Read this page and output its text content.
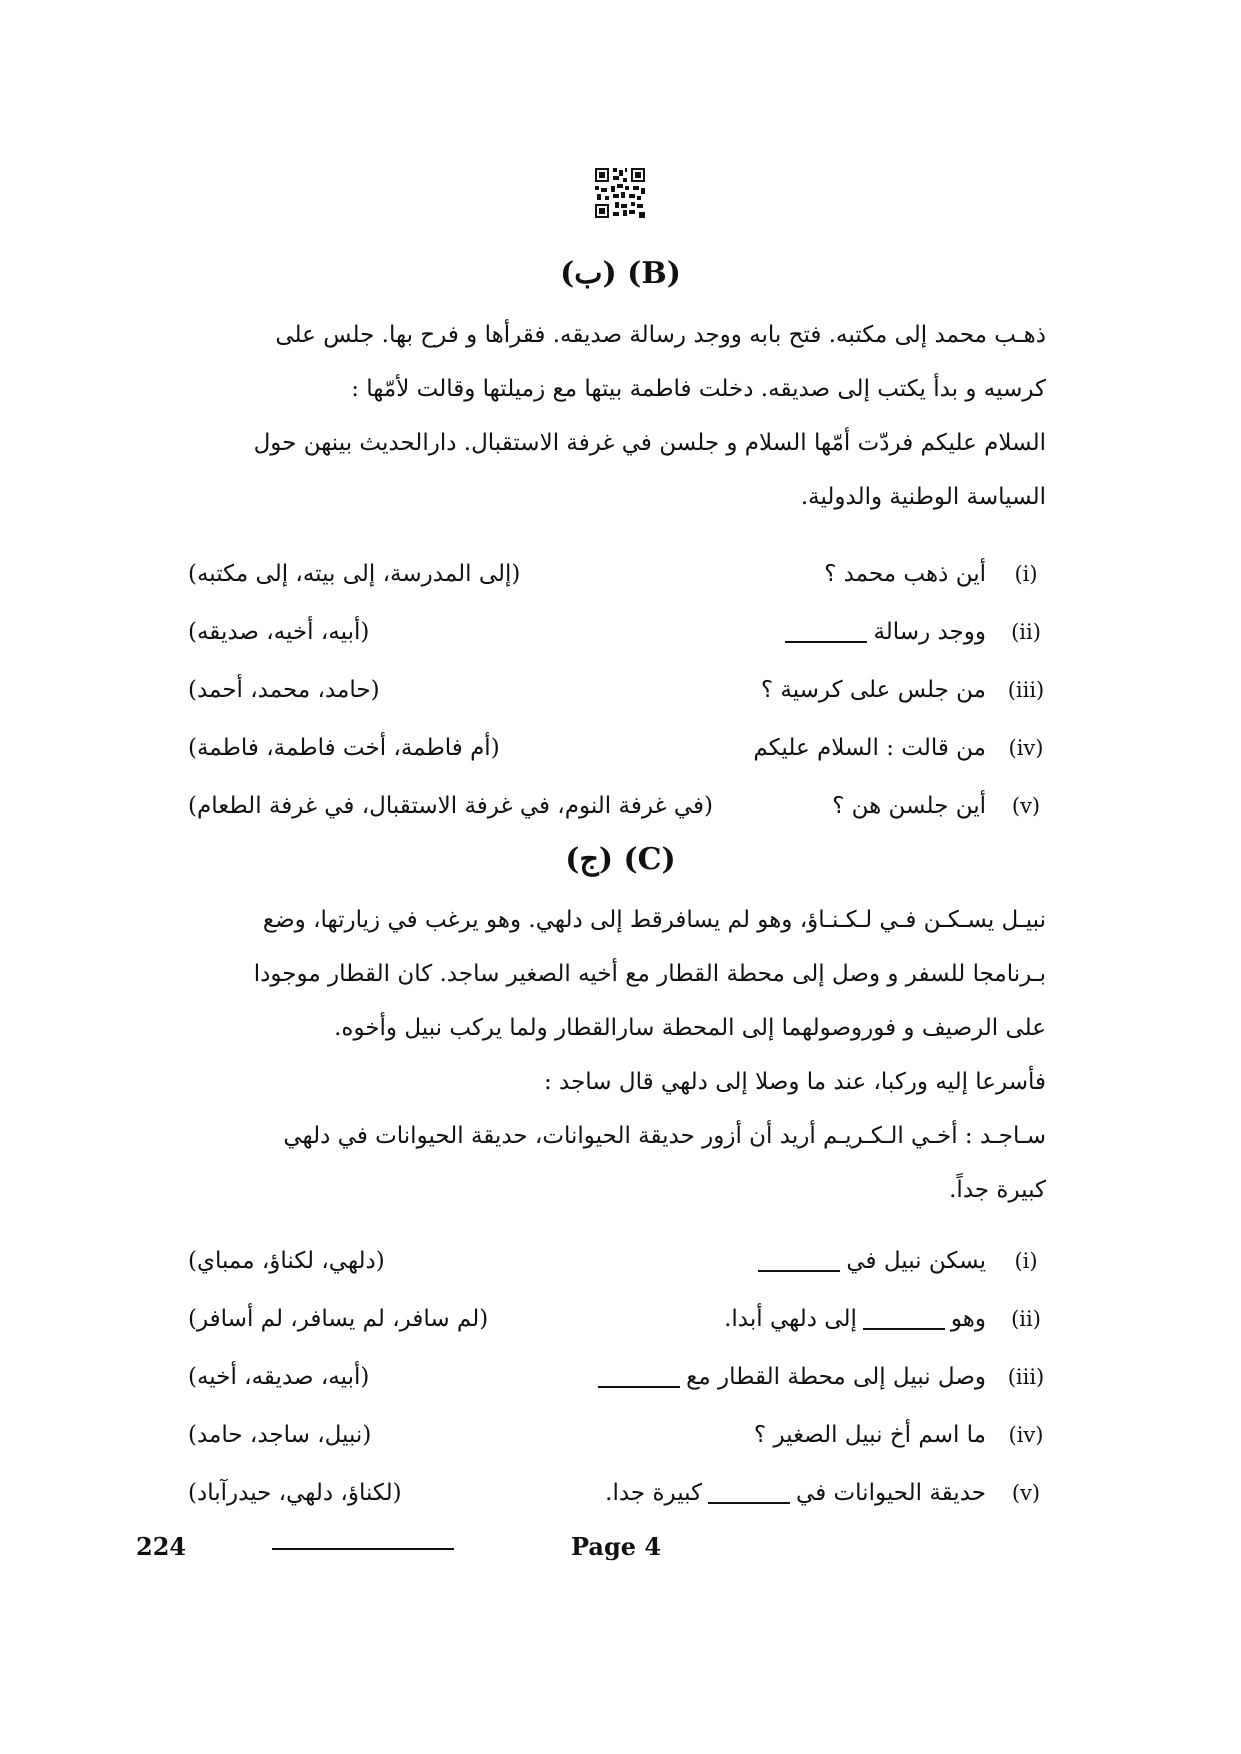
(ب) (B)
ذهـب محمد إلى مكتبه. فتح بابه ووجد رسالة صديقه. فقرأها و فرح بها. جلس على
كرسيه و بدأ يكتب إلى صديقه. دخلت فاطمة بيتها مع زميلتها وقالت لأمّها :
السلام عليكم فردّت أمّها السلام و جلسن في غرفة الاستقبال. دارالحديث بينهن حول
السياسة الوطنية والدولية.
(i)
أين ذهب محمد ؟
(إلى المدرسة، إلى بيته، إلى مكتبه)
(ii)
ووجد رسالة
(أبيه، أخيه، صديقه)
(iii)
من جلس على كرسية ؟
(حامد، محمد، أحمد)
(iv)
من قالت : السلام عليكم
(أم فاطمة، أخت فاطمة، فاطمة)
(v)
أين جلسن هن ؟
(في غرفة النوم، في غرفة الاستقبال، في غرفة الطعام)
(ج) (C)
نبيـل يسـكـن فـي لـكـنـاؤ، وهو لم يسافرقط إلى دلهي. وهو يرغب في زيارتها، وضع
بـرنامجا للسفر و وصل إلى محطة القطار مع أخيه الصغير ساجد. كان القطار موجودا
على الرصيف و فوروصولهما إلى المحطة سارالقطار ولما يركب نبيل وأخوه.
فأسرعا إليه وركبا، عند ما وصلا إلى دلهي قال ساجد :
سـاجـد : أخـي الـكـريـم أريد أن أزور حديقة الحيوانات، حديقة الحيوانات في دلهي
كبيرة جداً.
(i)
يسكن نبيل في
(دلهي، لكناؤ، ممباي)
(ii)
وهوإلى دلهي أبدا.
(لم سافر، لم يسافر، لم أسافر)
(iii)
وصل نبيل إلى محطة القطار مع
(أبيه، صديقه، أخيه)
(iv)
ما اسم أخ نبيل الصغير ؟
(نبيل، ساجد، حامد)
(v)
حديقة الحيوانات فيكبيرة جدا.
(لكناؤ، دلهي، حيدرآباد)
224	Page 4
